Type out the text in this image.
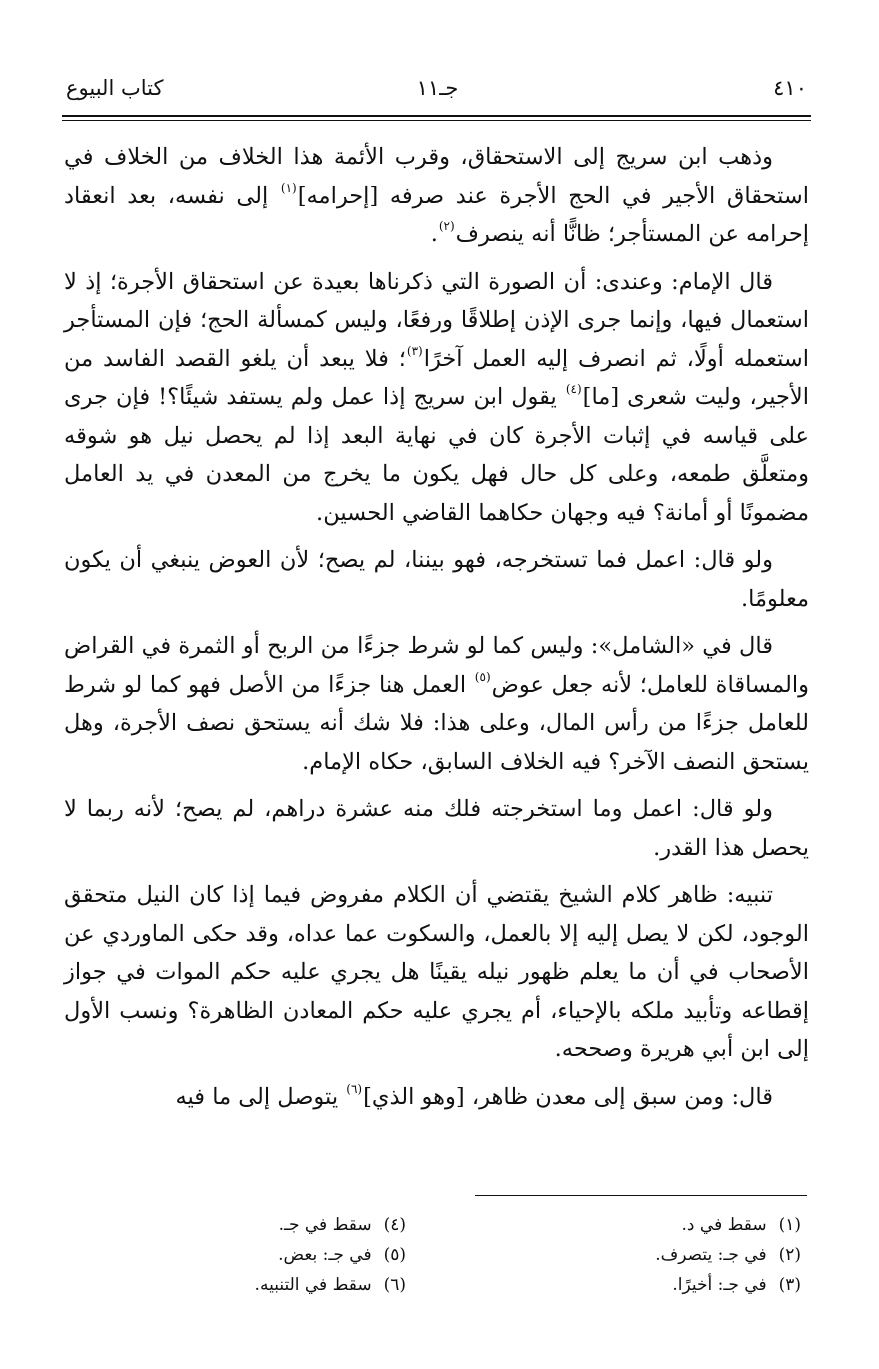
٤١٠
جـ١١
كتاب البيوع

وذهب ابن سريج إلى الاستحقاق، وقرب الأئمة هذا الخلاف من الخلاف في استحقاق الأجير في الحج الأجرة عند صرفه [إحرامه]$^{(١)}$ إلى نفسه، بعد انعقاد إحرامه عن المستأجر؛ ظانًّا أنه ينصرف$^{(٢)}$.

قال الإمام: وعندى: أن الصورة التي ذكرناها بعيدة عن استحقاق الأجرة؛ إذ لا استعمال فيها، وإنما جرى الإذن إطلاقًا ورفعًا، وليس كمسألة الحج؛ فإن المستأجر استعمله أولًا، ثم انصرف إليه العمل آخرًا$^{(٣)}$؛ فلا يبعد أن يلغو القصد الفاسد من الأجير، وليت شعرى [ما]$^{(٤)}$ يقول ابن سريج إذا عمل ولم يستفد شيئًا؟! فإن جرى على قياسه في إثبات الأجرة كان في نهاية البعد إذا لم يحصل نيل هو شوقه ومتعلَّق طمعه، وعلى كل حال فهل يكون ما يخرج من المعدن في يد العامل مضمونًا أو أمانة؟ فيه وجهان حكاهما القاضي الحسين.

ولو قال: اعمل فما تستخرجه، فهو بيننا، لم يصح؛ لأن العوض ينبغي أن يكون معلومًا.

قال في «الشامل»: وليس كما لو شرط جزءًا من الربح أو الثمرة في القراض والمساقاة للعامل؛ لأنه جعل عوض$^{(٥)}$ العمل هنا جزءًا من الأصل فهو كما لو شرط للعامل جزءًا من رأس المال، وعلى هذا: فلا شك أنه يستحق نصف الأجرة، وهل يستحق النصف الآخر؟ فيه الخلاف السابق، حكاه الإمام.

ولو قال: اعمل وما استخرجته فلك منه عشرة دراهم، لم يصح؛ لأنه ربما لا يحصل هذا القدر.

تنبيه: ظاهر كلام الشيخ يقتضي أن الكلام مفروض فيما إذا كان النيل متحقق الوجود، لكن لا يصل إليه إلا بالعمل، والسكوت عما عداه، وقد حكى الماوردي عن الأصحاب في أن ما يعلم ظهور نيله يقينًا هل يجري عليه حكم الموات في جواز إقطاعه وتأبيد ملكه بالإحياء، أم يجري عليه حكم المعادن الظاهرة؟ ونسب الأول إلى ابن أبي هريرة وصححه.

قال: ومن سبق إلى معدن ظاهر، [وهو الذي]$^{(٦)}$ يتوصل إلى ما فيه

(١)سقط في د.
(٢)في جـ: يتصرف.
(٣)في جـ: أخيرًا.
(٤)سقط في جـ.
(٥)في جـ: بعض.
(٦)سقط في التنبيه.
